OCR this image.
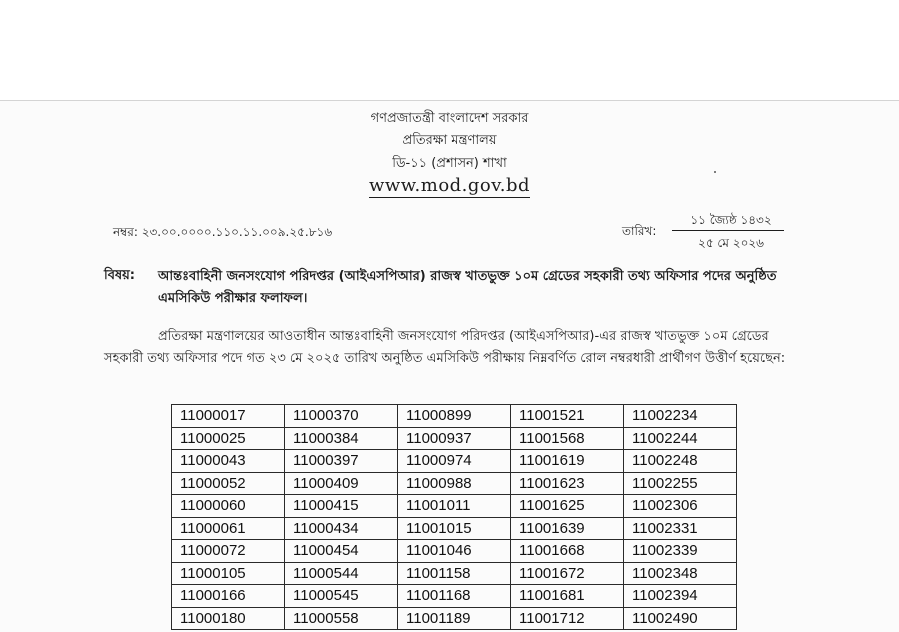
গণপ্রজাতন্ত্রী বাংলাদেশ সরকার
প্রতিরক্ষা মন্ত্রণালয়
ডি-১১ (প্রশাসন) শাখা
www.mod.gov.bd
নম্বর: ২৩.০০.০০০০.১১০.১১.০০৯.২৫.৮১৬	তারিখ:
১১ জ্যৈষ্ঠ ১৪৩২
২৫ মে ২০২৬
বিষয়: আন্তঃবাহিনী জনসংযোগ পরিদপ্তর (আইএসপিআর) রাজস্ব খাতভুক্ত ১০ম গ্রেডের সহকারী তথ্য অফিসার পদের অনুষ্ঠিত এমসিকিউ পরীক্ষার ফলাফল।
প্রতিরক্ষা মন্ত্রণালয়ের আওতাধীন আন্তঃবাহিনী জনসংযোগ পরিদপ্তর (আইএসপিআর)-এর রাজস্ব খাতভুক্ত ১০ম গ্রেডের সহকারী তথ্য অফিসার পদে গত ২৩ মে ২০২৫ তারিখ অনুষ্ঠিত এমসিকিউ পরীক্ষায় নিম্নবর্ণিত রোল নম্বরধারী প্রার্থীগণ উত্তীর্ণ হয়েছেন:
11000017	11000370	11000899	11001521	11002234
11000025	11000384	11000937	11001568	11002244
11000043	11000397	11000974	11001619	11002248
11000052	11000409	11000988	11001623	11002255
11000060	11000415	11001011	11001625	11002306
11000061	11000434	11001015	11001639	11002331
11000072	11000454	11001046	11001668	11002339
11000105	11000544	11001158	11001672	11002348
11000166	11000545	11001168	11001681	11002394
11000180	11000558	11001189	11001712	11002490
